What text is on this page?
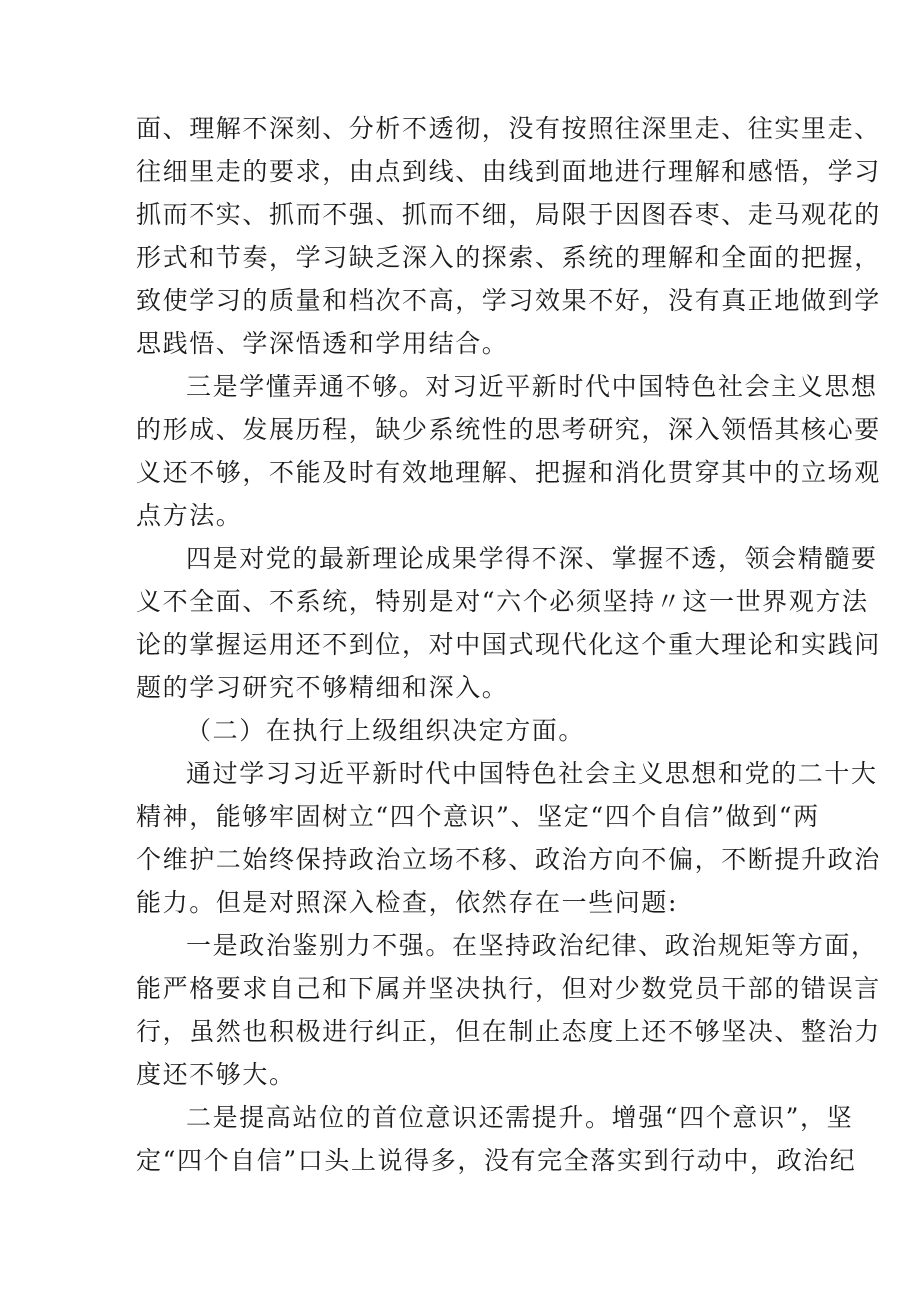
面、理解不深刻、分析不透彻，没有按照往深里走、往实里走、

往细里走的要求，由点到线、由线到面地进行理解和感悟，学习

抓而不实、抓而不强、抓而不细，局限于因图吞枣、走马观花的

形式和节奏，学习缺乏深入的探索、系统的理解和全面的把握，

致使学习的质量和档次不高，学习效果不好，没有真正地做到学

思践悟、学深悟透和学用结合。

三是学懂弄通不够。对习近平新时代中国特色社会主义思想

的形成、发展历程，缺少系统性的思考研究，深入领悟其核心要

义还不够，不能及时有效地理解、把握和消化贯穿其中的立场观

点方法。

四是对党的最新理论成果学得不深、掌握不透，领会精髓要

义不全面、不系统，特别是对“六个必须坚持〃这一世界观方法

论的掌握运用还不到位，对中国式现代化这个重大理论和实践问

题的学习研究不够精细和深入。

（二）在执行上级组织决定方面。

通过学习习近平新时代中国特色社会主义思想和党的二十大

精神，能够牢固树立“四个意识”、坚定“四个自信”做到“两

个维护二始终保持政治立场不移、政治方向不偏，不断提升政治

能力。但是对照深入检查，依然存在一些问题:

一是政治鉴别力不强。在坚持政治纪律、政治规矩等方面，

能严格要求自己和下属并坚决执行，但对少数党员干部的错误言

行，虽然也积极进行纠正，但在制止态度上还不够坚决、整治力

度还不够大。

二是提高站位的首位意识还需提升。增强“四个意识”，坚

定“四个自信”口头上说得多，没有完全落实到行动中，政治纪
